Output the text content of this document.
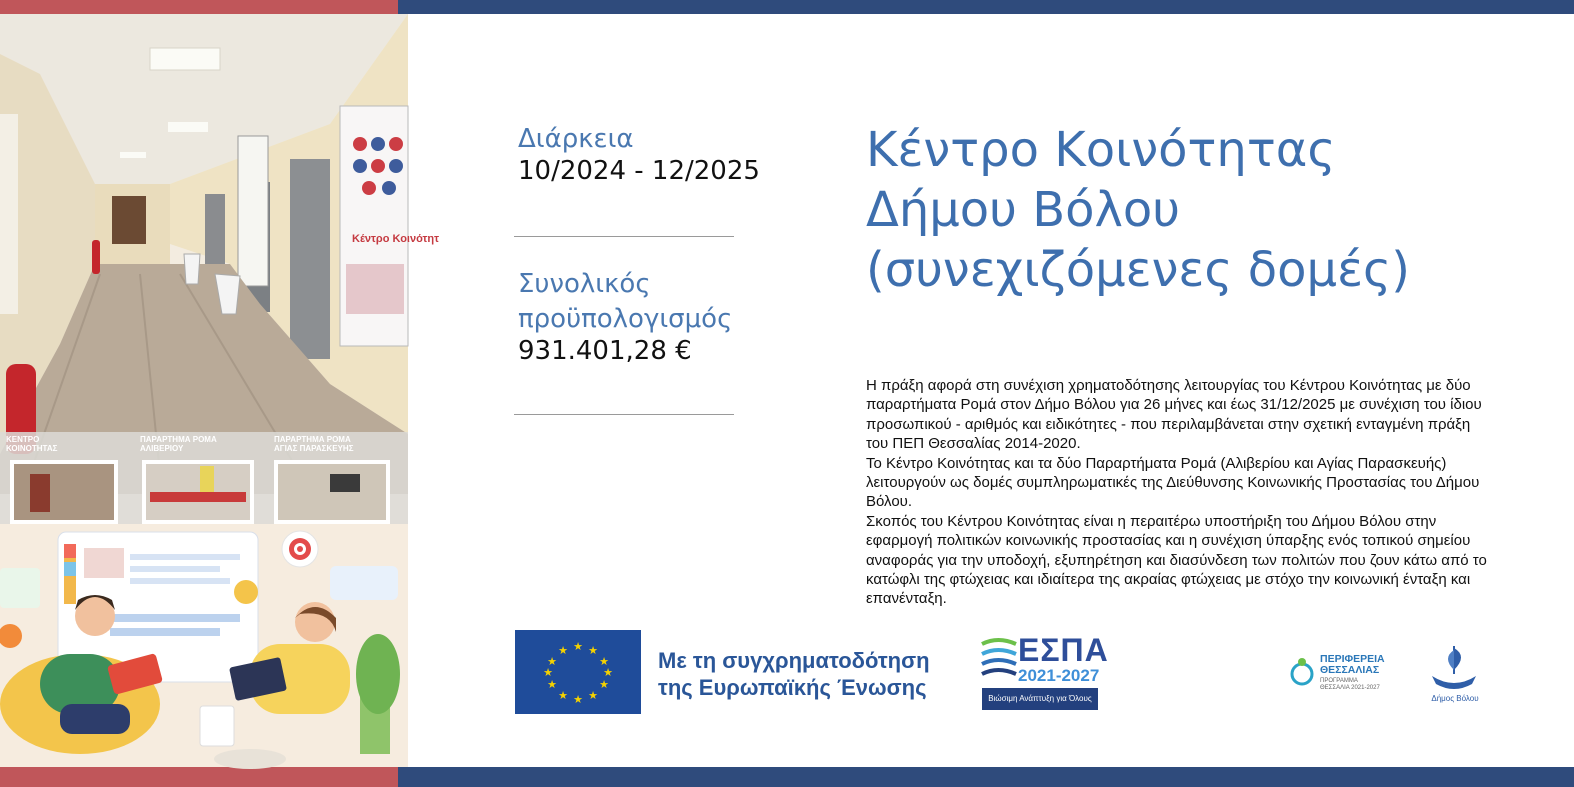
Κέντρο Κοινότητ
ΚΕΝΤΡΟ ΚΟΙΝΟΤΗΤΑΣ
ΠΑΡΑΡΤΗΜΑ ΡΟΜΑ ΑΛΙΒΕΡΙΟΥ
ΠΑΡΑΡΤΗΜΑ ΡΟΜΑ ΑΓΙΑΣ ΠΑΡΑΣΚΕΥΗΣ
Διάρκεια
10/2024 - 12/2025
Συνολικός
προϋπολογισμός
931.401,28 €
Κέντρο Κοινότητας
Δήμου Βόλου
(συνεχιζόμενες δομές)

Η πράξη αφορά στη συνέχιση χρηματοδότησης λειτουργίας του Κέντρου Κοινότητας με δύο παραρτήματα Ρομά στον Δήμο Βόλου για 26 μήνες και έως 31/12/2025 με συνέχιση του ίδιου προσωπικού - αριθμός και ειδικότητες - που περιλαμβάνεται στην σχετική ενταγμένη πράξη του ΠΕΠ Θεσσαλίας 2014-2020.

Το Κέντρο Κοινότητας και τα δύο Παραρτήματα Ρομά (Αλιβερίου και Αγίας Παρασκευής) λειτουργούν ως δομές συμπληρωματικές της Διεύθυνσης Κοινωνικής Προστασίας του Δήμου Βόλου.

Σκοπός του Κέντρου Κοινότητας είναι η περαιτέρω υποστήριξη του Δήμου Βόλου στην εφαρμογή πολιτικών κοινωνικής προστασίας και η συνέχιση ύπαρξης ενός τοπικού σημείου αναφοράς για την υποδοχή, εξυπηρέτηση και διασύνδεση των πολιτών που ζουν κάτω από το κατώφλι της φτώχειας και ιδιαίτερα της ακραίας φτώχειας με στόχο την κοινωνική ένταξη και επανένταξη.

★ ★
★
★
★
★
★
★
★
★
★
★	Με τη συγχρηματοδότηση
της Ευρωπαϊκής Ένωσης
ΕΣΠΑ
2021-2027
Βιώσιμη Ανάπτυξη για Όλους
ΠΕΡΙΦΕΡΕΙΑ
ΘΕΣΣΑΛΙΑΣ
ΠΡΟΓΡΑΜΜΑ
ΘΕΣΣΑΛΙΑ 2021-2027
Δήμος Βόλου
